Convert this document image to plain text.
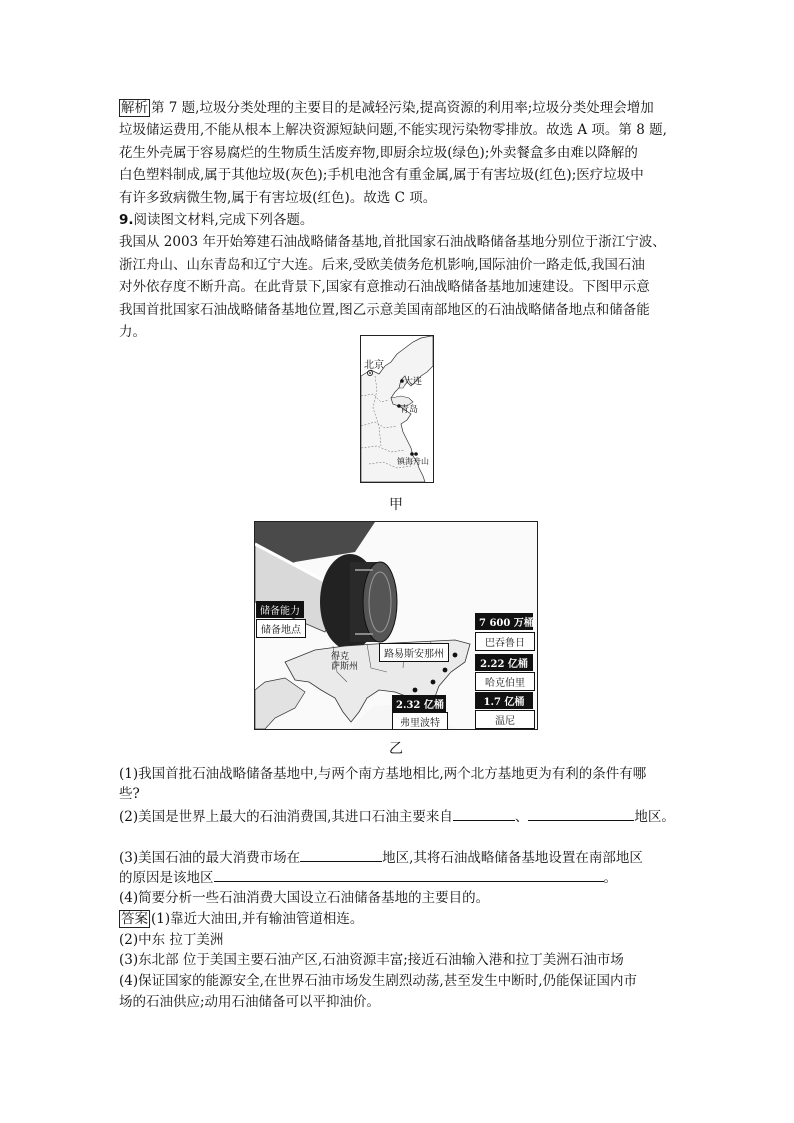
解析 第 7 题,垃圾分类处理的主要目的是减轻污染,提高资源的利用率;垃圾分类处理会增加
垃圾储运费用,不能从根本上解决资源短缺问题,不能实现污染物零排放。故选 A 项。第 8 题,
花生外壳属于容易腐烂的生物质生活废弃物,即厨余垃圾(绿色);外卖餐盒多由难以降解的
白色塑料制成,属于其他垃圾(灰色);手机电池含有重金属,属于有害垃圾(红色);医疗垃圾中
有许多致病微生物,属于有害垃圾(红色)。故选 C 项。
9.阅读图文材料,完成下列各题。
我国从 2003 年开始筹建石油战略储备基地,首批国家石油战略储备基地分别位于浙江宁波、
浙江舟山、山东青岛和辽宁大连。后来,受欧美债务危机影响,国际油价一路走低,我国石油
对外依存度不断升高。在此背景下,国家有意推动石油战略储备基地加速建设。下图甲示意
我国首批国家石油战略储备基地位置,图乙示意美国南部地区的石油战略储备地点和储备能
力。
北京
大连
青岛
镇海舟山
甲
储备能力
储备地点
路易斯安那州
得克
萨斯州
7 600 万桶
巴吞鲁日
2.22 亿桶
哈克伯里
1.7 亿桶
温尼
2.32 亿桶
弗里波特
乙
(1)我国首批石油战略储备基地中,与两个南方基地相比,两个北方基地更为有利的条件有哪
些?
(2)美国是世界上最大的石油消费国,其进口石油主要来自	、	地区。
(3)美国石油的最大消费市场在	地区,其将石油战略储备基地设置在南部地区
的原因是该地区	。
(4)简要分析一些石油消费大国设立石油储备基地的主要目的。
答案 (1)靠近大油田,并有输油管道相连。
(2)中东 拉丁美洲
(3)东北部 位于美国主要石油产区,石油资源丰富;接近石油输入港和拉丁美洲石油市场
(4)保证国家的能源安全,在世界石油市场发生剧烈动荡,甚至发生中断时,仍能保证国内市
场的石油供应;动用石油储备可以平抑油价。
